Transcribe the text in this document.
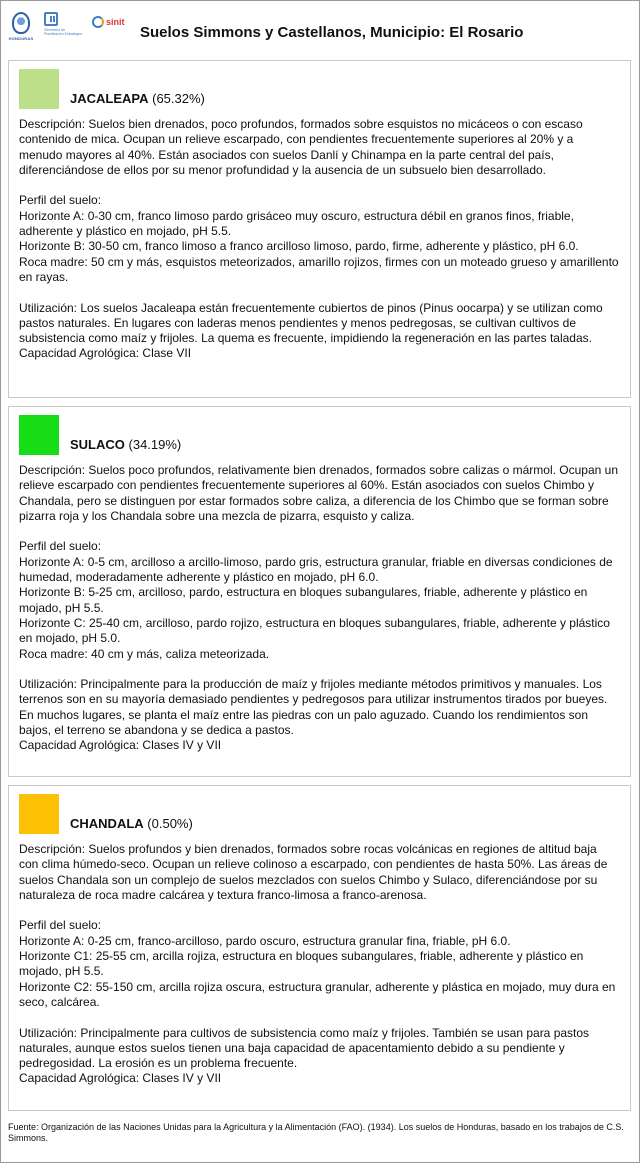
HONDURAS
Secretaría de Planificación Estratégica
sinit
Suelos Simmons y Castellanos, Municipio: El Rosario
JACALEAPA (65.32%)
Descripción: Suelos bien drenados, poco profundos, formados sobre esquistos no micáceos o con escaso contenido de mica. Ocupan un relieve escarpado, con pendientes frecuentemente superiores al 20% y a menudo mayores al 40%. Están asociados con suelos Danlí y Chinampa en la parte central del país, diferenciándose de ellos por su menor profundidad y la ausencia de un subsuelo bien desarrollado.
Perfil del suelo:
Horizonte A: 0-30 cm, franco limoso pardo grisáceo muy oscuro, estructura débil en granos finos, friable, adherente y plástico en mojado, pH 5.5.
Horizonte B: 30-50 cm, franco limoso a franco arcilloso limoso, pardo, firme, adherente y plástico, pH 6.0.
Roca madre: 50 cm y más, esquistos meteorizados, amarillo rojizos, firmes con un moteado grueso y amarillento en rayas.
Utilización: Los suelos Jacaleapa están frecuentemente cubiertos de pinos (Pinus oocarpa) y se utilizan como pastos naturales. En lugares con laderas menos pendientes y menos pedregosas, se cultivan cultivos de subsistencia como maíz y frijoles. La quema es frecuente, impidiendo la regeneración en las partes taladas.
Capacidad Agrológica: Clase VII
SULACO (34.19%)
Descripción: Suelos poco profundos, relativamente bien drenados, formados sobre calizas o mármol. Ocupan un relieve escarpado con pendientes frecuentemente superiores al 60%. Están asociados con suelos Chimbo y Chandala, pero se distinguen por estar formados sobre caliza, a diferencia de los Chimbo que se forman sobre pizarra roja y los Chandala sobre una mezcla de pizarra, esquisto y caliza.
Perfil del suelo:
Horizonte A: 0-5 cm, arcilloso a arcillo-limoso, pardo gris, estructura granular, friable en diversas condiciones de humedad, moderadamente adherente y plástico en mojado, pH 6.0.
Horizonte B: 5-25 cm, arcilloso, pardo, estructura en bloques subangulares, friable, adherente y plástico en mojado, pH 5.5.
Horizonte C: 25-40 cm, arcilloso, pardo rojizo, estructura en bloques subangulares, friable, adherente y plástico en mojado, pH 5.0.
Roca madre: 40 cm y más, caliza meteorizada.
Utilización: Principalmente para la producción de maíz y frijoles mediante métodos primitivos y manuales. Los terrenos son en su mayoría demasiado pendientes y pedregosos para utilizar instrumentos tirados por bueyes. En muchos lugares, se planta el maíz entre las piedras con un palo aguzado. Cuando los rendimientos son bajos, el terreno se abandona y se dedica a pastos.
Capacidad Agrológica: Clases IV y VII
CHANDALA (0.50%)
Descripción: Suelos profundos y bien drenados, formados sobre rocas volcánicas en regiones de altitud baja con clima húmedo-seco. Ocupan un relieve colinoso a escarpado, con pendientes de hasta 50%. Las áreas de suelos Chandala son un complejo de suelos mezclados con suelos Chimbo y Sulaco, diferenciándose por su naturaleza de roca madre calcárea y textura franco-limosa a franco-arenosa.
Perfil del suelo:
Horizonte A: 0-25 cm, franco-arcilloso, pardo oscuro, estructura granular fina, friable, pH 6.0.
Horizonte C1: 25-55 cm, arcilla rojiza, estructura en bloques subangulares, friable, adherente y plástico en mojado, pH 5.5.
Horizonte C2: 55-150 cm, arcilla rojiza oscura, estructura granular, adherente y plástica en mojado, muy dura en seco, calcárea.
Utilización: Principalmente para cultivos de subsistencia como maíz y frijoles. También se usan para pastos naturales, aunque estos suelos tienen una baja capacidad de apacentamiento debido a su pendiente y pedregosidad. La erosión es un problema frecuente.
Capacidad Agrológica: Clases IV y VII
Fuente: Organización de las Naciones Unidas para la Agricultura y la Alimentación (FAO). (1934). Los suelos de Honduras, basado en los trabajos de C.S. Simmons.
